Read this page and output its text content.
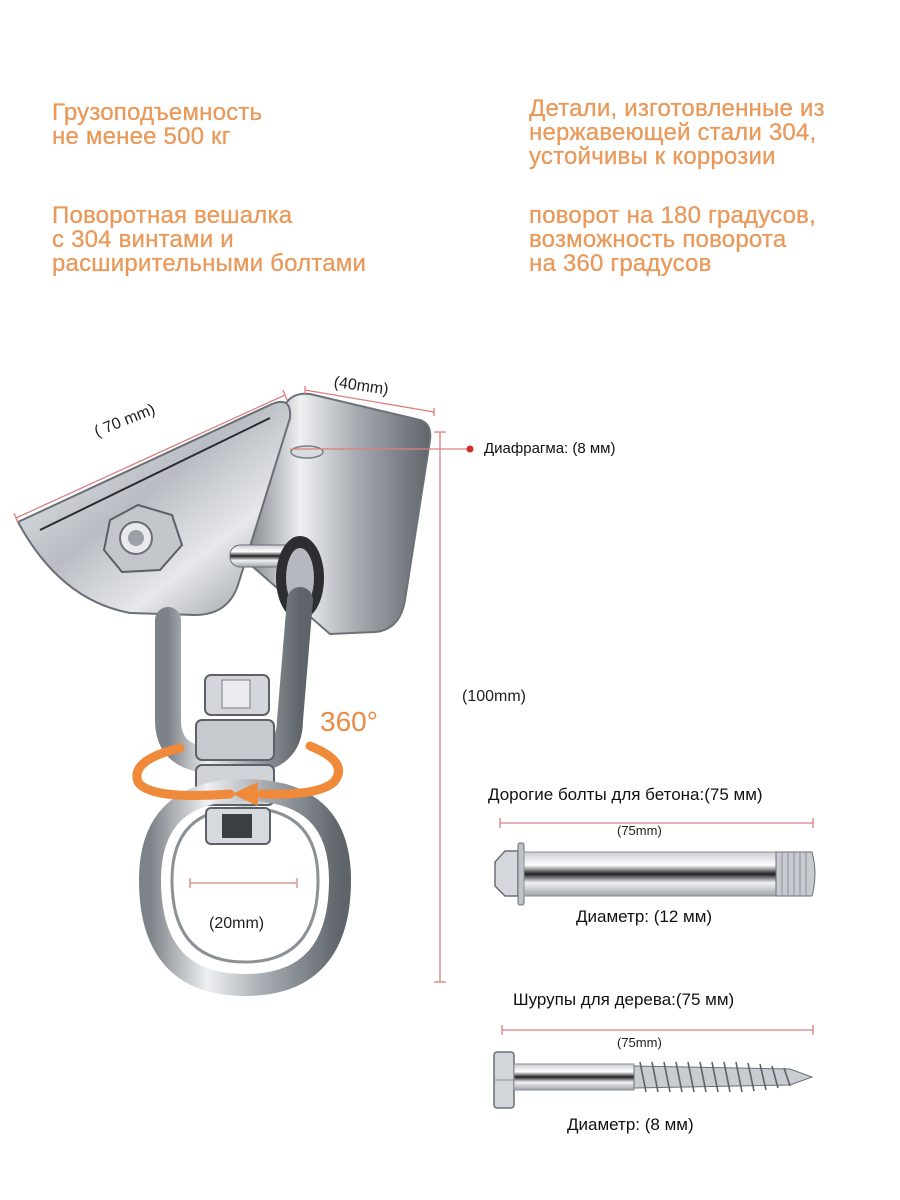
Грузоподъемность
не менее 500 кг
Детали, изготовленные из
нержавеющей стали 304,
устойчивы к коррозии
Поворотная вешалка
с 304 винтами и
расширительными болтами
поворот на 180 градусов,
возможность поворота
на 360 градусов
( 70 mm)
(40mm)
(100mm)
(20mm)
Диафрагма: (8 мм)
360°
Дорогие болты для бетона:(75 мм)
(75mm)
Диаметр: (12 мм)
Шурупы для дерева:(75 мм)
(75mm)
Диаметр: (8 мм)
